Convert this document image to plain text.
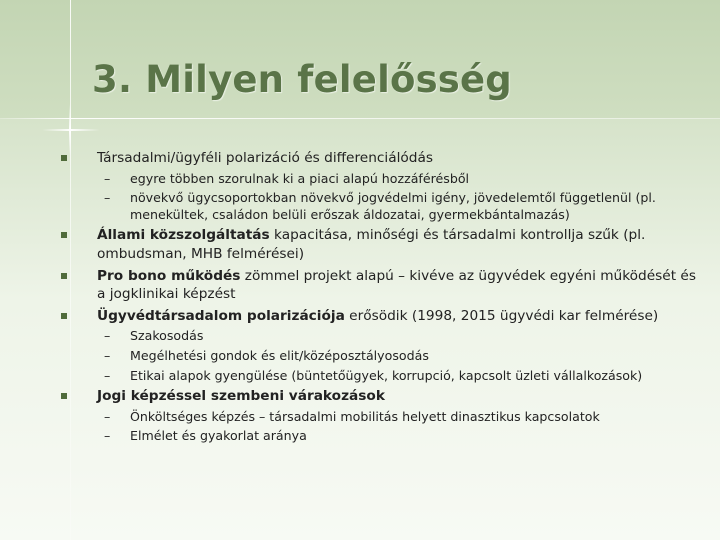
3. Milyen felelősség
Társadalmi/ügyféli polarizáció és differenciálódás
– egyre többen szorulnak ki a piaci alapú hozzáférésből
– növekvő ügycsoportokban növekvő jogvédelmi igény, jövedelemtől függetlenül (pl. menekültek, családon belüli erőszak áldozatai, gyermekbántalmazás)
Állami közszolgáltatás kapacitása, minőségi és társadalmi kontrollja szűk (pl. ombudsman, MHB felmérései)
Pro bono működés zömmel projekt alapú – kivéve az ügyvédek egyéni működését és a jogklinikai képzést
Ügyvédtársadalom polarizációja erősödik (1998, 2015 ügyvédi kar felmérése)
– Szakosodás
– Megélhetési gondok és elit/középosztályosodás
– Etikai alapok gyengülése (büntetőügyek, korrupció, kapcsolt üzleti vállalkozások)
Jogi képzéssel szembeni várakozások
– Önköltséges képzés – társadalmi mobilitás helyett dinasztikus kapcsolatok
– Elmélet és gyakorlat aránya
